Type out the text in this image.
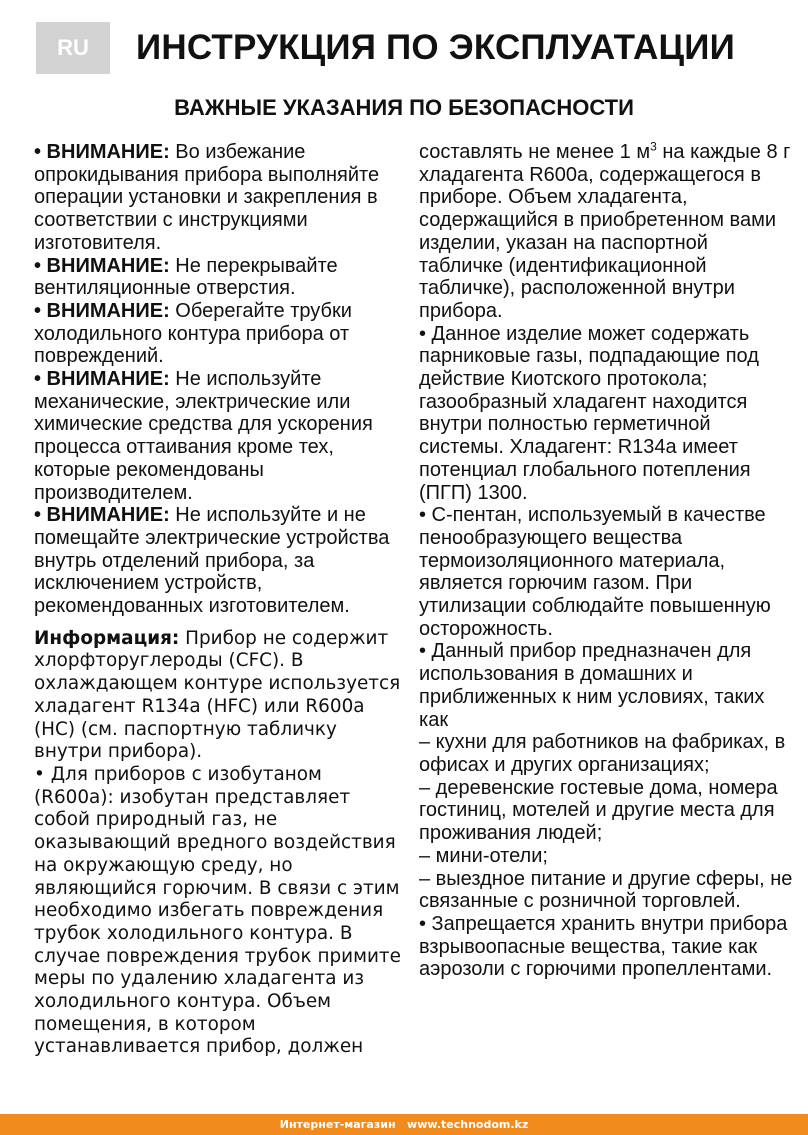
RU	ИНСТРУКЦИЯ ПО ЭКСПЛУАТАЦИИ
ВАЖНЫЕ УКАЗАНИЯ ПО БЕЗОПАСНОСТИ

• ВНИМАНИЕ: Во избежание опрокидывания прибора выполняйте операции установки и закрепления в соответствии с инструкциями изготовителя.

• ВНИМАНИЕ: Не перекрывайте вентиляционные отверстия.

• ВНИМАНИЕ: Оберегайте трубки холодильного контура прибора от повреждений.

• ВНИМАНИЕ: Не используйте механические, электрические или химические средства для ускорения процесса оттаивания кроме тех, которые рекомендованы производителем.

• ВНИМАНИЕ: Не используйте и не помещайте электрические устройства внутрь отделений прибора, за исключением устройств, рекомендованных изготовителем.

Информация: Прибор не содержит хлорфторуглероды (CFC). В охлаждающем контуре используется хладагент R134a (HFC) или R600a (HC) (см. паспортную табличку внутри прибора).

• Для приборов с изобутаном (R600a): изобутан представляет собой природный газ, не оказывающий вредного воздействия на окружающую среду, но являющийся горючим. В связи с этим необходимо избегать повреждения трубок холодильного контура. В случае повреждения трубок примите меры по удалению хладагента из холодильного контура. Объем помещения, в котором устанавливается прибор, должен

составлять не менее 1 $м^3$ на каждые 8 г хладагента R600a, содержащегося в приборе. Объем хладагента, содержащийся в приобретенном вами изделии, указан на паспортной табличке (идентификационной табличке), расположенной внутри прибора.

• Данное изделие может содержать парниковые газы, подпадающие под действие Киотского протокола; газообразный хладагент находится внутри полностью герметичной системы. Хладагент: R134a имеет потенциал глобального потепления (ПГП) 1300.

• С-пентан, используемый в качестве пенообразующего вещества термоизоляционного материала, является горючим газом. При утилизации соблюдайте повышенную осторожность.

• Данный прибор предназначен для использования в домашних и приближенных к ним условиях, таких как

– кухни для работников на фабриках, в офисах и других организациях;

– деревенские гостевые дома, номера гостиниц, мотелей и другие места для проживания людей;

– мини-отели;

– выездное питание и другие сферы, не связанные с розничной торговлей.

• Запрещается хранить внутри прибора взрывоопасные вещества, такие как аэрозоли с горючими пропеллентами.

Интернет-магазин   www.technodom.kz
